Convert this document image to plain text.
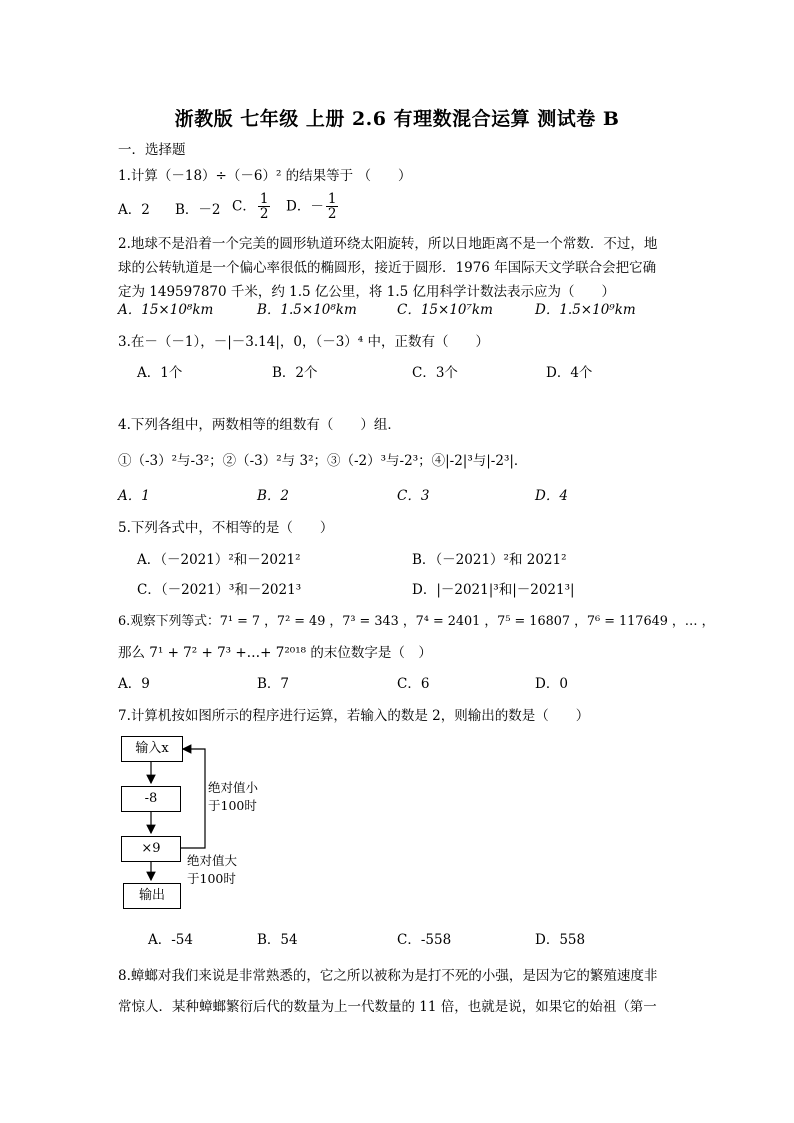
浙教版 七年级 上册 2.6 有理数混合运算 测试卷 B
一．选择题
1.计算（－18）÷（－6）² 的结果等于 （　　）
A．2 B．－2 C． $\frac{1}{2}$ D．－ $\frac{1}{2}$
2.地球不是沿着一个完美的圆形轨道环绕太阳旋转，所以日地距离不是一个常数．不过，地
球的公转轨道是一个偏心率很低的椭圆形，接近于圆形．1976 年国际天文学联合会把它确
定为 149597870 千米，约 1.5 亿公里，将 1.5 亿用科学计数法表示应为（　　）
A．15×10⁸km	B．1.5×10⁸km	C．15×10⁷km	D．1.5×10⁹km
3.在－（－1），－|－3.14|，0，（－3）⁴ 中，正数有（　　）
A．1个	B．2个	C．3个	D．4个
4.下列各组中，两数相等的组数有（　　）组．
①（-3）²与-3²；②（-3）²与 3²；③（-2）³与-2³；④|-2|³与|-2³|．
A．1	B．2	C．3	D．4
5.下列各式中，不相等的是（　　）
A．（－2021）²和－2021²	B．（－2021）²和 2021²
C．（－2021）³和－2021³	D．|－2021|³和|－2021³|
6.观察下列等式：7¹ = 7 ，7² = 49 ，7³ = 343 ，7⁴ = 2401 ，7⁵ = 16807 ，7⁶ = 117649 ，… ，
那么 7¹ + 7² + 7³ +…+ 7²⁰¹⁸ 的末位数字是（　）
A．9	B．7	C．6	D．0
7.计算机按如图所示的程序进行运算，若输入的数是 2，则输出的数是（　　）
输入x
-8
×9
输出
绝对值小
于100时
绝对值大
于100时
A．-54	B．54	C．-558	D．558
8.蟑螂对我们来说是非常熟悉的，它之所以被称为是打不死的小强，是因为它的繁殖速度非
常惊人．某种蟑螂繁衍后代的数量为上一代数量的 11 倍，也就是说，如果它的始祖（第一
